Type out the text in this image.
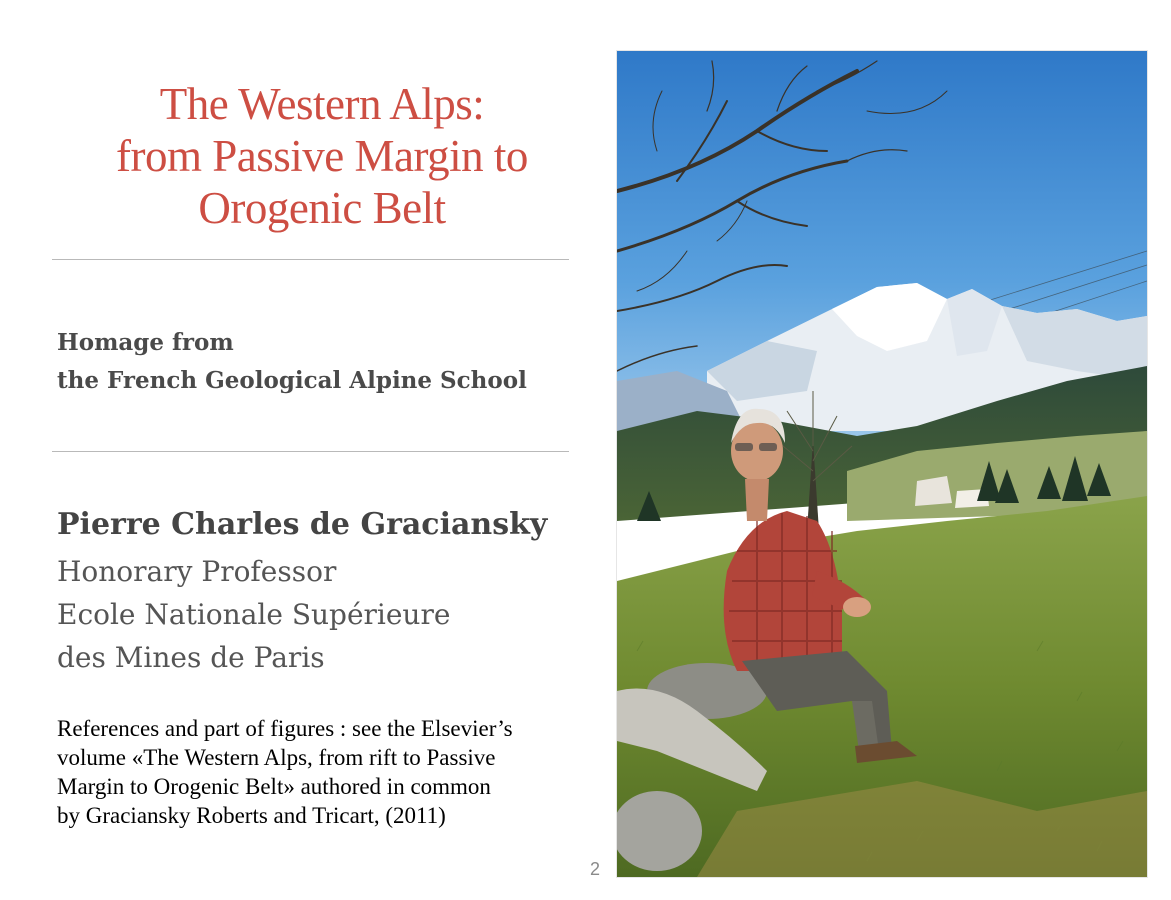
The Western Alps:
from Passive Margin to
Orogenic Belt
Homage from
the French Geological Alpine School
Pierre Charles de Graciansky
Honorary Professor
Ecole Nationale Supérieure
des Mines de Paris
References and part of figures : see the Elsevier’s
volume «The Western Alps, from rift to Passive
Margin to Orogenic Belt» authored in common
by Graciansky Roberts and Tricart, (2011)
2
